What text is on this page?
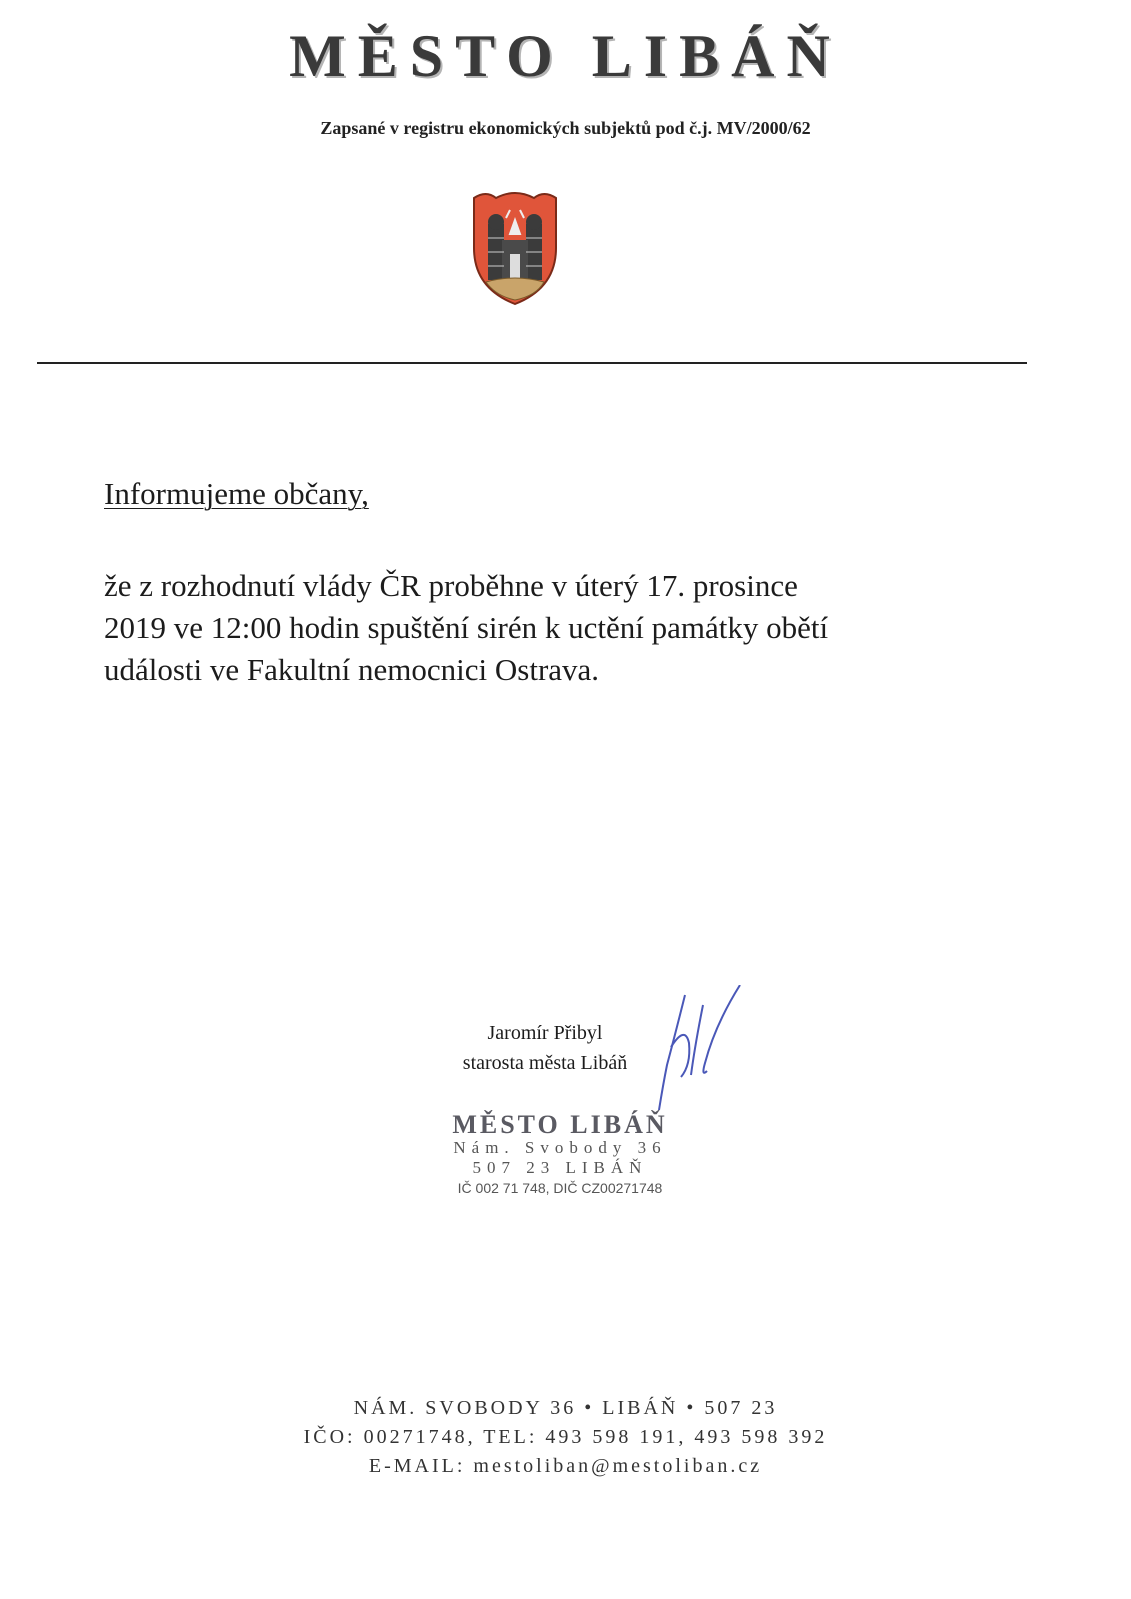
MĚSTO LIBÁŇ
Zapsané v registru ekonomických subjektů pod č.j. MV/2000/62
Informujeme občany,
že z rozhodnutí vlády ČR proběhne v úterý 17. prosince
2019 ve 12:00 hodin spuštění sirén k uctění památky obětí
události ve Fakultní nemocnici Ostrava.
Jaromír Přibyl
starosta města Libáň
MĚSTO LIBÁŇ
Nám. Svobody 36
507 23 LIBÁŇ
IČ 002 71 748, DIČ CZ00271748
NÁM. SVOBODY 36 • LIBÁŇ • 507 23
IČO: 00271748, TEL: 493 598 191, 493 598 392
E-MAIL: mestoliban@mestoliban.cz
